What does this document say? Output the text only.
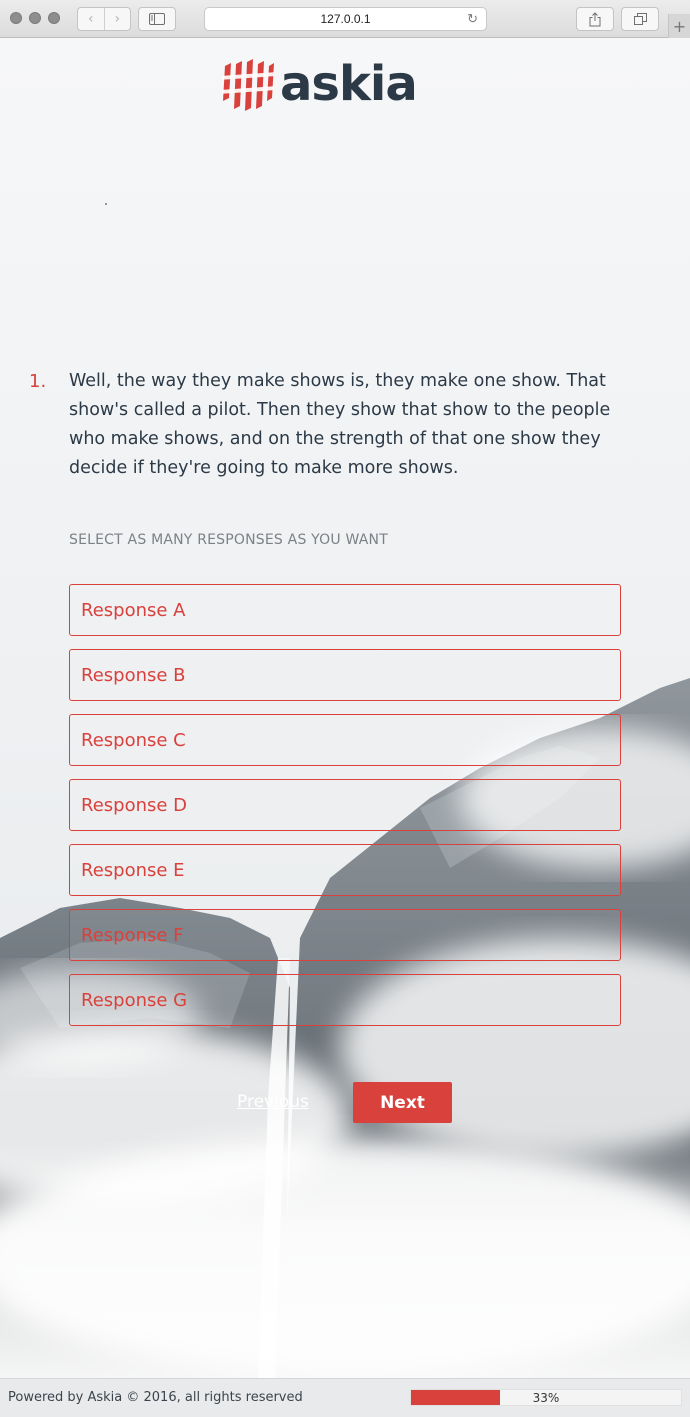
‹	›	127.0.0.1	↻	+
askia
1. Well, the way they make shows is, they make one show. That show's called a pilot. Then they show that show to the people who make shows, and on the strength of that one show they decide if they're going to make more shows.
SELECT AS MANY RESPONSES AS YOU WANT
Response A
Response B
Response C
Response D
Response E
Response F
Response G
Previous	Next
Powered by Askia © 2016, all rights reserved	33%
